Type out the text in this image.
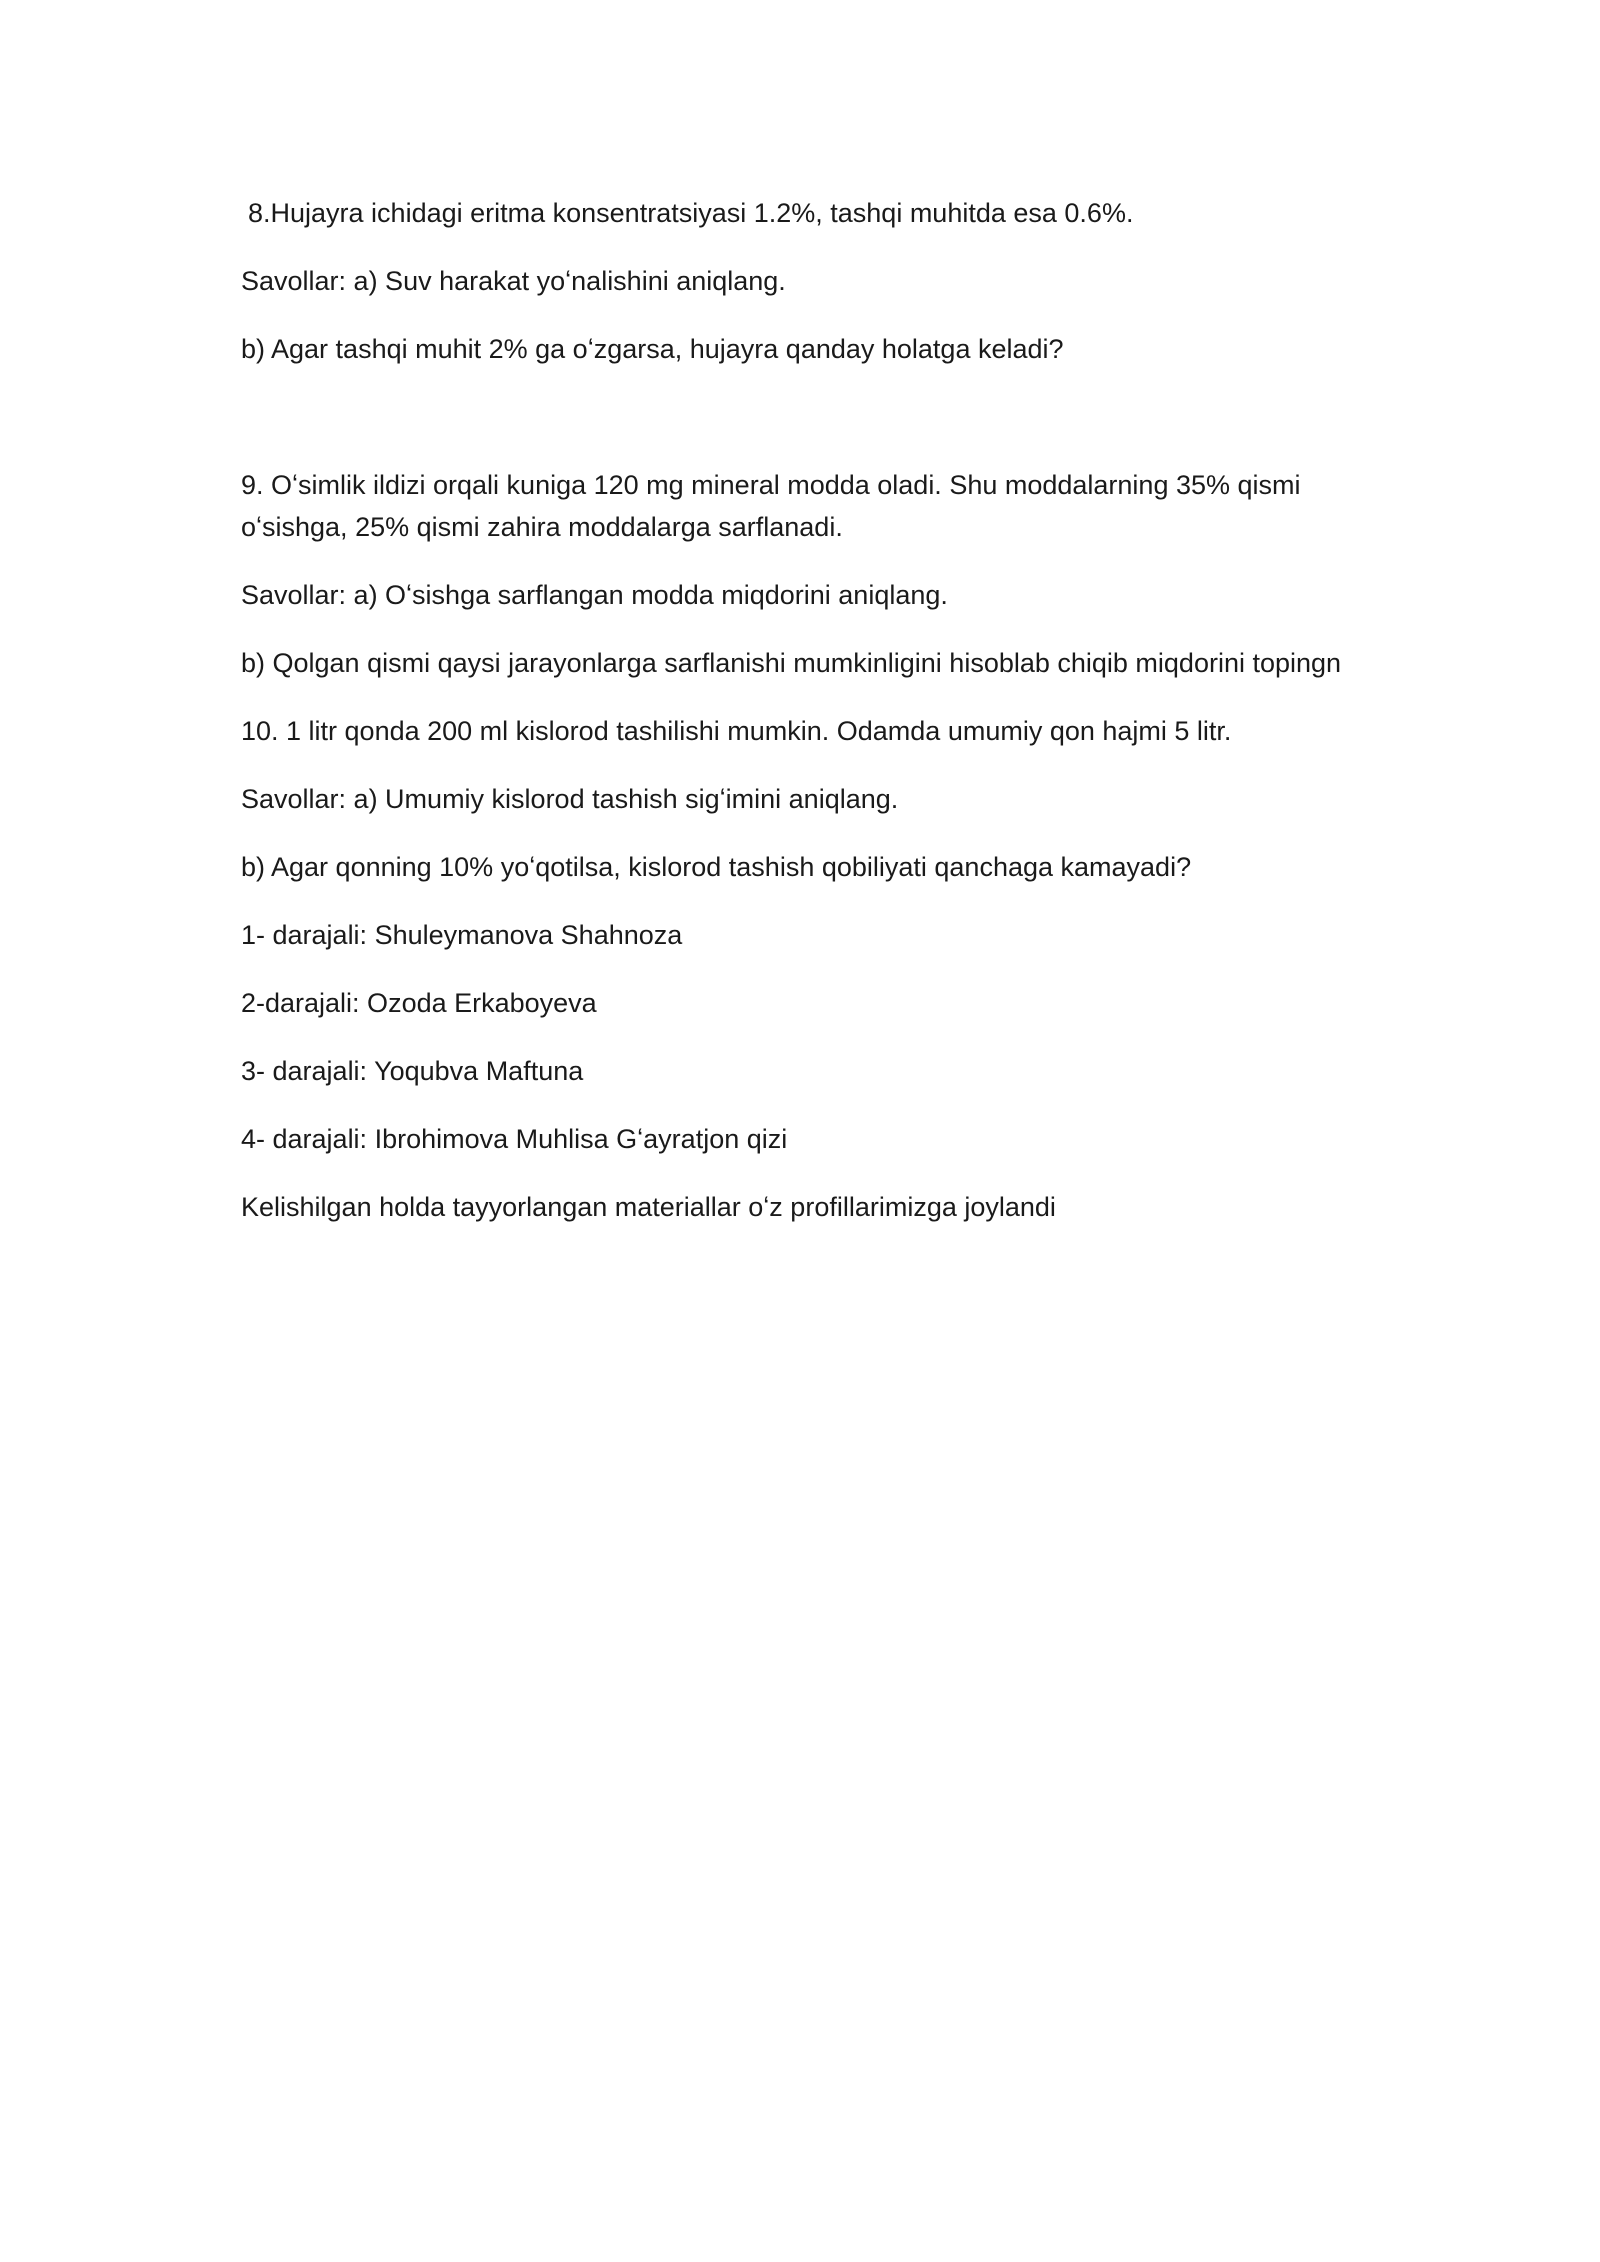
8.Hujayra ichidagi eritma konsentratsiyasi 1.2%, tashqi muhitda esa 0.6%.

Savollar: a) Suv harakat yoʻnalishini aniqlang.

b) Agar tashqi muhit 2% ga oʻzgarsa, hujayra qanday holatga keladi?

9. Oʻsimlik ildizi orqali kuniga 120 mg mineral modda oladi. Shu moddalarning 35% qismi oʻsishga, 25% qismi zahira moddalarga sarflanadi.

Savollar: a) Oʻsishga sarflangan modda miqdorini aniqlang.

b) Qolgan qismi qaysi jarayonlarga sarflanishi mumkinligini hisoblab chiqib miqdorini topingn

10. 1 litr qonda 200 ml kislorod tashilishi mumkin. Odamda umumiy qon hajmi 5 litr.

Savollar: a) Umumiy kislorod tashish sigʻimini aniqlang.

b) Agar qonning 10% yoʻqotilsa, kislorod tashish qobiliyati qanchaga kamayadi?

1- darajali: Shuleymanova Shahnoza

2-darajali: Ozoda Erkaboyeva

3- darajali: Yoqubva Maftuna

4- darajali: Ibrohimova Muhlisa Gʻayratjon qizi

Kelishilgan holda tayyorlangan materiallar oʻz profillarimizga joylandi
